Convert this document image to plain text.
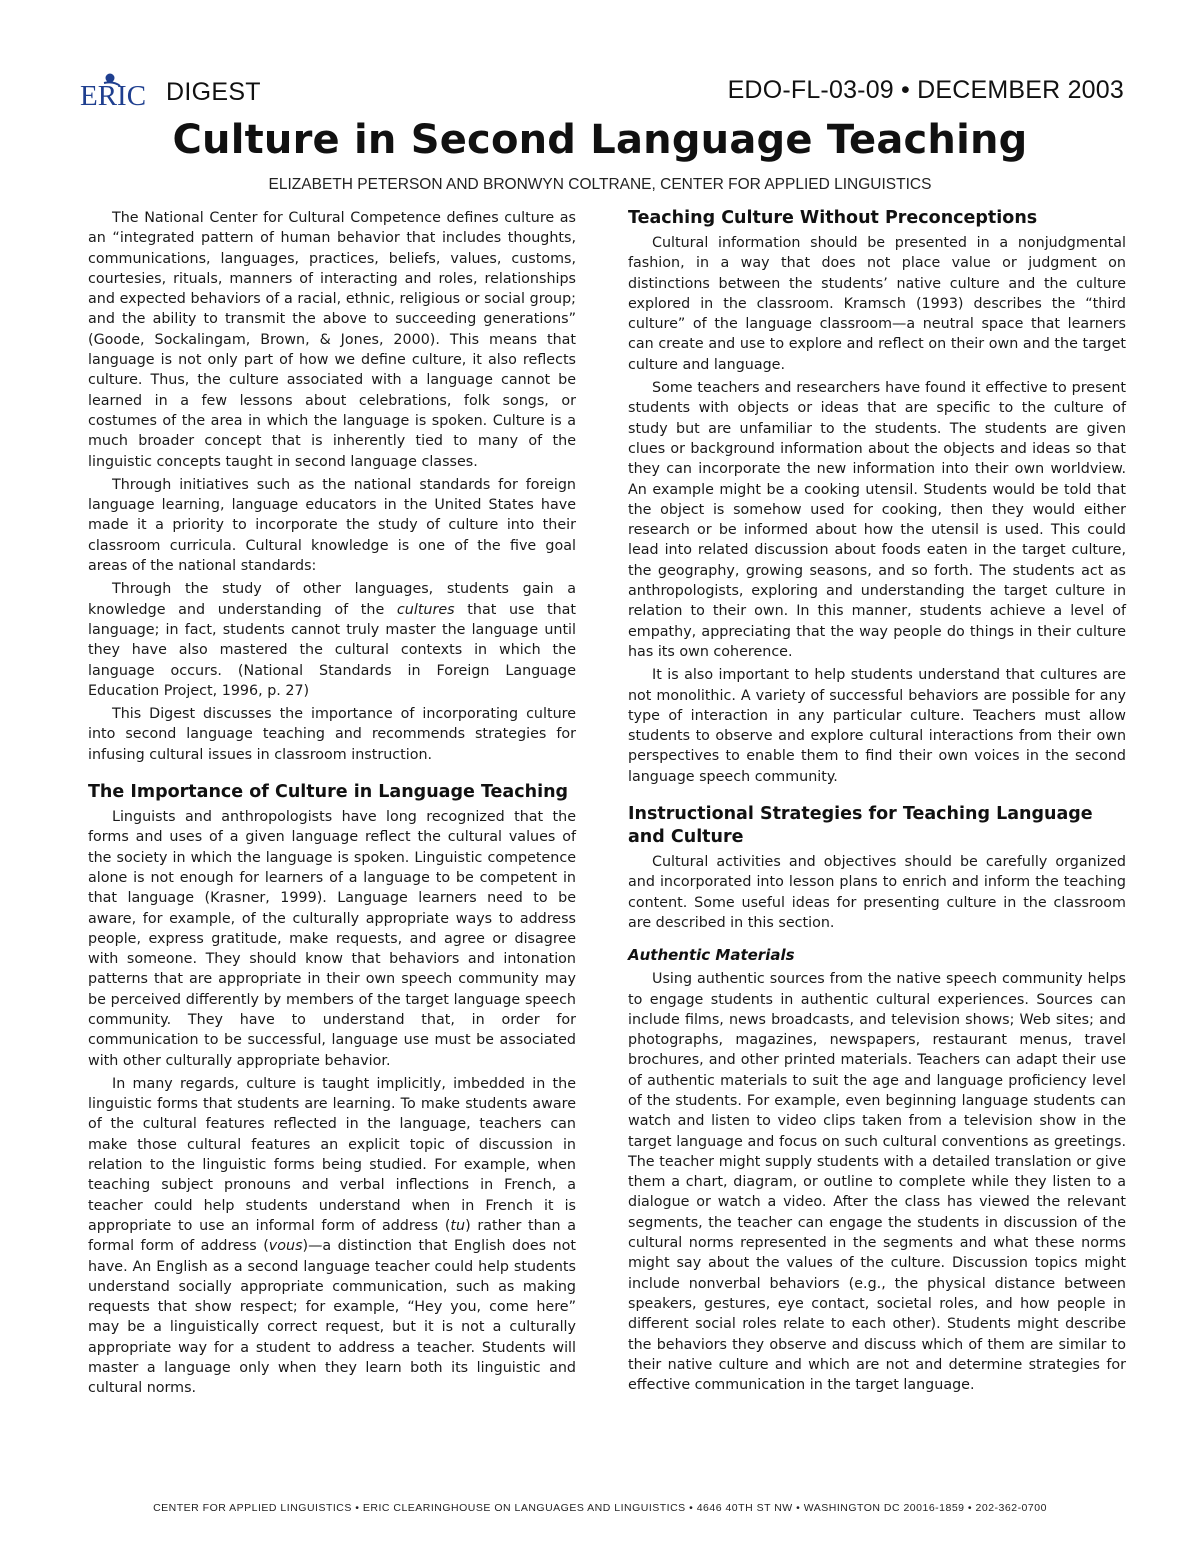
ERIC DIGEST	EDO-FL-03-09 • DECEMBER 2003
Culture in Second Language Teaching

ELIZABETH PETERSON AND BRONWYN COLTRANE, CENTER FOR APPLIED LINGUISTICS

The National Center for Cultural Competence defines culture as an “integrated pattern of human behavior that includes thoughts, communications, languages, practices, beliefs, values, customs, courtesies, rituals, manners of interacting and roles, relationships and expected behaviors of a racial, ethnic, religious or social group; and the ability to transmit the above to succeeding generations” (Goode, Sockalingam, Brown, & Jones, 2000). This means that language is not only part of how we define culture, it also reflects culture. Thus, the culture associated with a language cannot be learned in a few lessons about celebrations, folk songs, or costumes of the area in which the language is spoken. Culture is a much broader concept that is inherently tied to many of the linguistic concepts taught in second language classes.

Through initiatives such as the national standards for foreign language learning, language educators in the United States have made it a priority to incorporate the study of culture into their classroom curricula. Cultural knowledge is one of the five goal areas of the national standards:

Through the study of other languages, students gain a knowledge and understanding of the cultures that use that language; in fact, students cannot truly master the language until they have also mastered the cultural contexts in which the language occurs. (National Standards in Foreign Language Education Project, 1996, p. 27)

This Digest discusses the importance of incorporating culture into second language teaching and recommends strategies for infusing cultural issues in classroom instruction.

The Importance of Culture in Language Teaching

Linguists and anthropologists have long recognized that the forms and uses of a given language reflect the cultural values of the society in which the language is spoken. Linguistic competence alone is not enough for learners of a language to be competent in that language (Krasner, 1999). Language learners need to be aware, for example, of the culturally appropriate ways to address people, express gratitude, make requests, and agree or disagree with someone. They should know that behaviors and intonation patterns that are appropriate in their own speech community may be perceived differently by members of the target language speech community. They have to understand that, in order for communication to be successful, language use must be associated with other culturally appropriate behavior.

In many regards, culture is taught implicitly, imbedded in the linguistic forms that students are learning. To make students aware of the cultural features reflected in the language, teachers can make those cultural features an explicit topic of discussion in relation to the linguistic forms being studied. For example, when teaching subject pronouns and verbal inflections in French, a teacher could help students understand when in French it is appropriate to use an informal form of address (tu) rather than a formal form of address (vous)—a distinction that English does not have. An English as a second language teacher could help students understand socially appropriate communication, such as making requests that show respect; for example, “Hey you, come here” may be a linguistically correct request, but it is not a culturally appropriate way for a student to address a teacher. Students will master a language only when they learn both its linguistic and cultural norms.

Teaching Culture Without Preconceptions

Cultural information should be presented in a nonjudgmental fashion, in a way that does not place value or judgment on distinctions between the students’ native culture and the culture explored in the classroom. Kramsch (1993) describes the “third culture” of the language classroom—a neutral space that learners can create and use to explore and reflect on their own and the target culture and language.

Some teachers and researchers have found it effective to present students with objects or ideas that are specific to the culture of study but are unfamiliar to the students. The students are given clues or background information about the objects and ideas so that they can incorporate the new information into their own worldview. An example might be a cooking utensil. Students would be told that the object is somehow used for cooking, then they would either research or be informed about how the utensil is used. This could lead into related discussion about foods eaten in the target culture, the geography, growing seasons, and so forth. The students act as anthropologists, exploring and understanding the target culture in relation to their own. In this manner, students achieve a level of empathy, appreciating that the way people do things in their culture has its own coherence.

It is also important to help students understand that cultures are not monolithic. A variety of successful behaviors are possible for any type of interaction in any particular culture. Teachers must allow students to observe and explore cultural interactions from their own perspectives to enable them to find their own voices in the second language speech community.

Instructional Strategies for Teaching Language and Culture

Cultural activities and objectives should be carefully organized and incorporated into lesson plans to enrich and inform the teaching content. Some useful ideas for presenting culture in the classroom are described in this section.

Authentic Materials

Using authentic sources from the native speech community helps to engage students in authentic cultural experiences. Sources can include films, news broadcasts, and television shows; Web sites; and photographs, magazines, newspapers, restaurant menus, travel brochures, and other printed materials. Teachers can adapt their use of authentic materials to suit the age and language proficiency level of the students. For example, even beginning language students can watch and listen to video clips taken from a television show in the target language and focus on such cultural conventions as greetings. The teacher might supply students with a detailed translation or give them a chart, diagram, or outline to complete while they listen to a dialogue or watch a video. After the class has viewed the relevant segments, the teacher can engage the students in discussion of the cultural norms represented in the segments and what these norms might say about the values of the culture. Discussion topics might include nonverbal behaviors (e.g., the physical distance between speakers, gestures, eye contact, societal roles, and how people in different social roles relate to each other). Students might describe the behaviors they observe and discuss which of them are similar to their native culture and which are not and determine strategies for effective communication in the target language.

CENTER FOR APPLIED LINGUISTICS • ERIC CLEARINGHOUSE ON LANGUAGES AND LINGUISTICS • 4646 40TH ST NW • WASHINGTON DC 20016-1859 • 202-362-0700
